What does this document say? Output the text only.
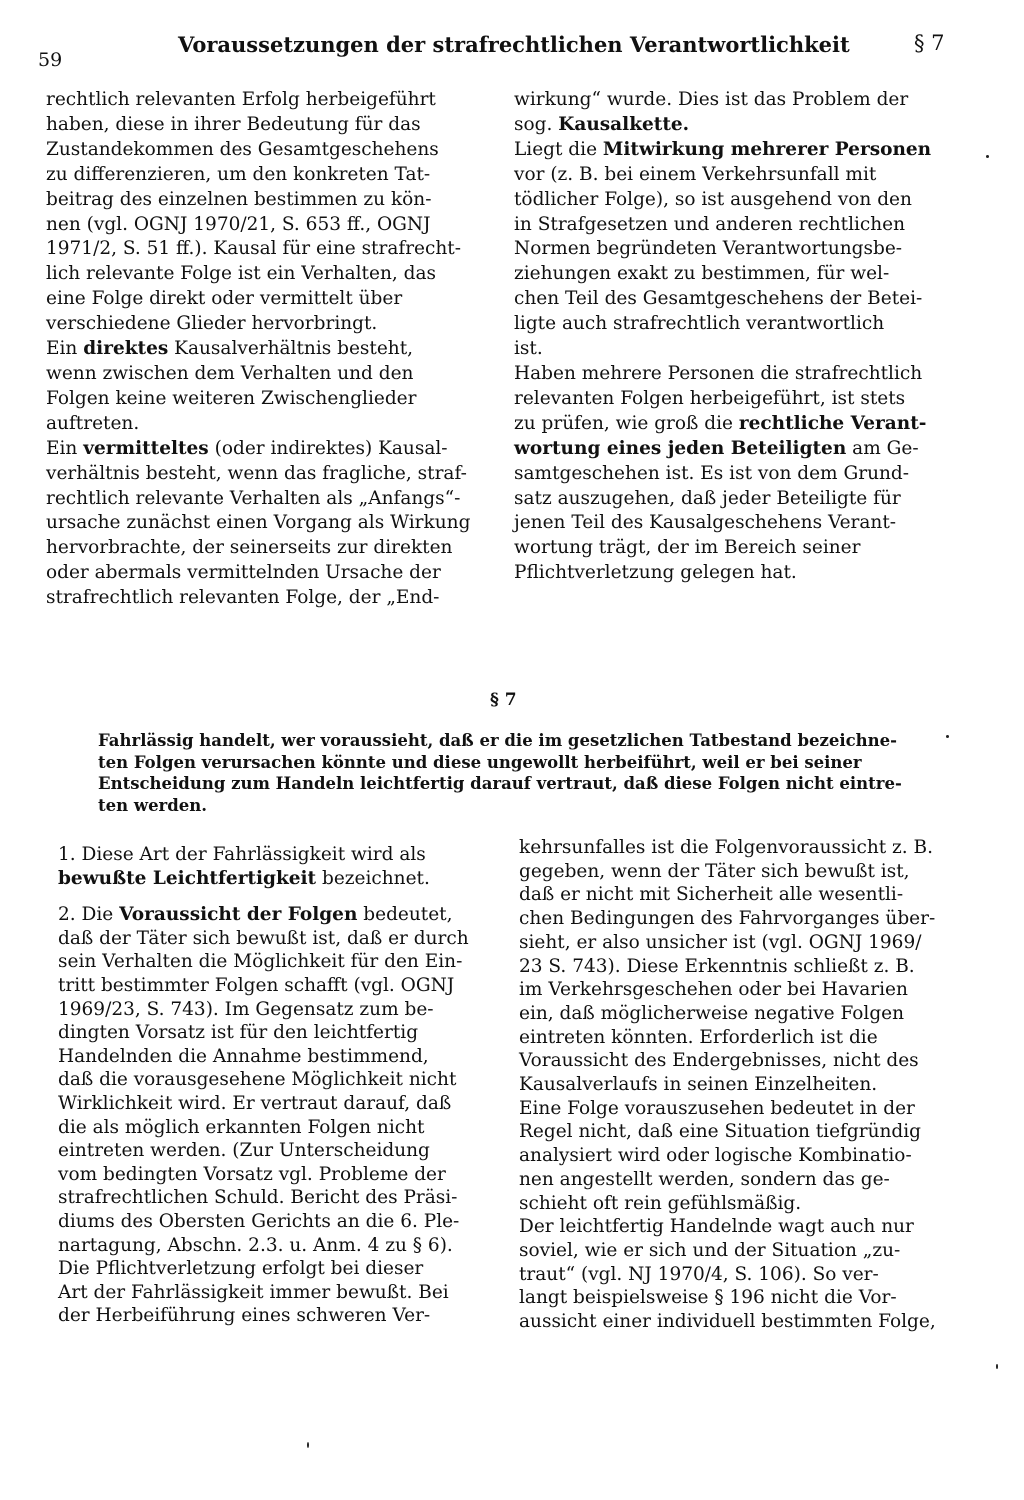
59
Voraussetzungen der strafrechtlichen Verantwortlichkeit	§ 7
rechtlich relevanten Erfolg herbeigeführt
haben, diese in ihrer Bedeutung für das
Zustandekommen des Gesamtgeschehens
zu differenzieren, um den konkreten Tat-
beitrag des einzelnen bestimmen zu kön-
nen (vgl. OGNJ 1970/21, S. 653 ff., OGNJ
1971/2, S. 51 ff.). Kausal für eine strafrecht-
lich relevante Folge ist ein Verhalten, das
eine Folge direkt oder vermittelt über
verschiedene Glieder hervorbringt.
Ein direktes Kausalverhältnis besteht,
wenn zwischen dem Verhalten und den
Folgen keine weiteren Zwischenglieder
auftreten.
Ein vermitteltes (oder indirektes) Kausal-
verhältnis besteht, wenn das fragliche, straf-
rechtlich relevante Verhalten als „Anfangs“-
ursache zunächst einen Vorgang als Wirkung
hervorbrachte, der seinerseits zur direkten
oder abermals vermittelnden Ursache der
strafrechtlich relevanten Folge, der „End-
wirkung“ wurde. Dies ist das Problem der
sog. Kausalkette.
Liegt die Mitwirkung mehrerer Personen
vor (z. B. bei einem Verkehrsunfall mit
tödlicher Folge), so ist ausgehend von den
in Strafgesetzen und anderen rechtlichen
Normen begründeten Verantwortungsbe-
ziehungen exakt zu bestimmen, für wel-
chen Teil des Gesamtgeschehens der Betei-
ligte auch strafrechtlich verantwortlich
ist.
Haben mehrere Personen die strafrechtlich
relevanten Folgen herbeigeführt, ist stets
zu prüfen, wie groß die rechtliche Verant-
wortung eines jeden Beteiligten am Ge-
samtgeschehen ist. Es ist von dem Grund-
satz auszugehen, daß jeder Beteiligte für
jenen Teil des Kausalgeschehens Verant-
wortung trägt, der im Bereich seiner
Pflichtverletzung gelegen hat.
§ 7
Fahrlässig handelt, wer voraussieht, daß er die im gesetzlichen Tatbestand bezeichne-
ten Folgen verursachen könnte und diese ungewollt herbeiführt, weil er bei seiner
Entscheidung zum Handeln leichtfertig darauf vertraut, daß diese Folgen nicht eintre-
ten werden.
1. Diese Art der Fahrlässigkeit wird als
bewußte Leichtfertigkeit bezeichnet.
2. Die Voraussicht der Folgen bedeutet,
daß der Täter sich bewußt ist, daß er durch
sein Verhalten die Möglichkeit für den Ein-
tritt bestimmter Folgen schafft (vgl. OGNJ
1969/23, S. 743). Im Gegensatz zum be-
dingten Vorsatz ist für den leichtfertig
Handelnden die Annahme bestimmend,
daß die vorausgesehene Möglichkeit nicht
Wirklichkeit wird. Er vertraut darauf, daß
die als möglich erkannten Folgen nicht
eintreten werden. (Zur Unterscheidung
vom bedingten Vorsatz vgl. Probleme der
strafrechtlichen Schuld. Bericht des Präsi-
diums des Obersten Gerichts an die 6. Ple-
nartagung, Abschn. 2.3. u. Anm. 4 zu § 6).
Die Pflichtverletzung erfolgt bei dieser
Art der Fahrlässigkeit immer bewußt. Bei
der Herbeiführung eines schweren Ver-
kehrsunfalles ist die Folgenvoraussicht z. B.
gegeben, wenn der Täter sich bewußt ist,
daß er nicht mit Sicherheit alle wesentli-
chen Bedingungen des Fahrvorganges über-
sieht, er also unsicher ist (vgl. OGNJ 1969/
23 S. 743). Diese Erkenntnis schließt z. B.
im Verkehrsgeschehen oder bei Havarien
ein, daß möglicherweise negative Folgen
eintreten könnten. Erforderlich ist die
Voraussicht des Endergebnisses, nicht des
Kausalverlaufs in seinen Einzelheiten.
Eine Folge vorauszusehen bedeutet in der
Regel nicht, daß eine Situation tiefgründig
analysiert wird oder logische Kombinatio-
nen angestellt werden, sondern das ge-
schieht oft rein gefühlsmäßig.
Der leichtfertig Handelnde wagt auch nur
soviel, wie er sich und der Situation „zu-
traut“ (vgl. NJ 1970/4, S. 106). So ver-
langt beispielsweise § 196 nicht die Vor-
aussicht einer individuell bestimmten Folge,
